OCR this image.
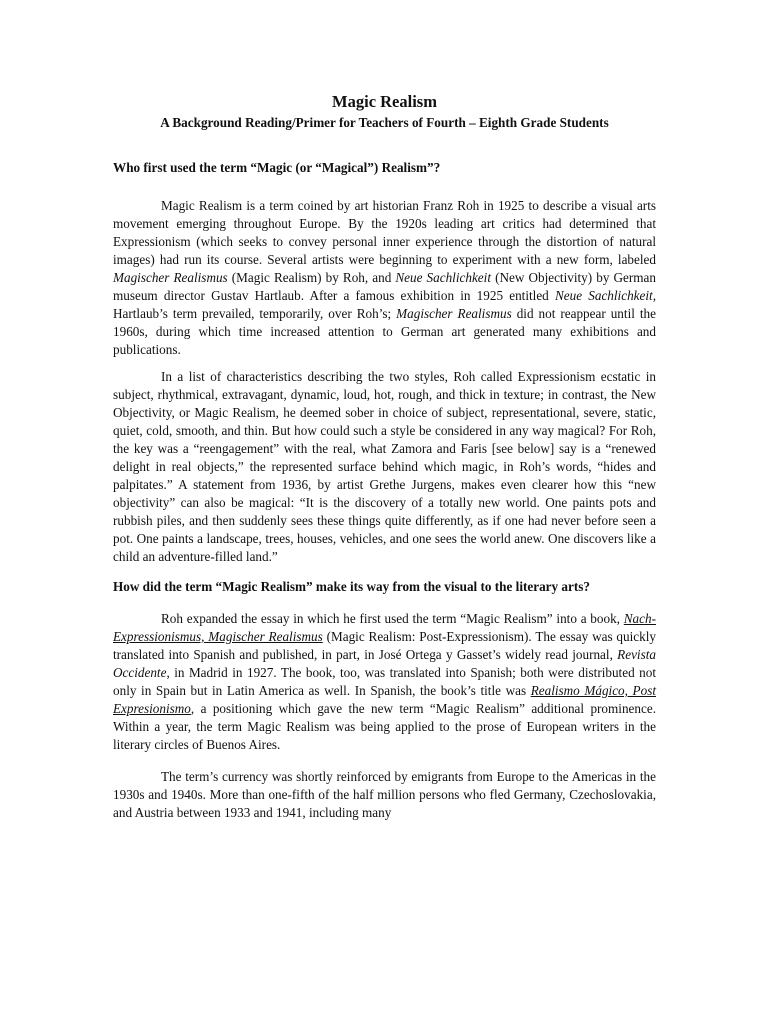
Magic Realism
A Background Reading/Primer for Teachers of Fourth – Eighth Grade Students
Who first used the term “Magic (or “Magical”) Realism”?

Magic Realism is a term coined by art historian Franz Roh in 1925 to describe a visual arts movement emerging throughout Europe. By the 1920s leading art critics had determined that Expressionism (which seeks to convey personal inner experience through the distortion of natural images) had run its course. Several artists were beginning to experiment with a new form, labeled Magischer Realismus (Magic Realism) by Roh, and Neue Sachlichkeit (New Objectivity) by German museum director Gustav Hartlaub. After a famous exhibition in 1925 entitled Neue Sachlichkeit, Hartlaub’s term prevailed, temporarily, over Roh’s; Magischer Realismus did not reappear until the 1960s, during which time increased attention to German art generated many exhibitions and publications.

In a list of characteristics describing the two styles, Roh called Expressionism ecstatic in subject, rhythmical, extravagant, dynamic, loud, hot, rough, and thick in texture; in contrast, the New Objectivity, or Magic Realism, he deemed sober in choice of subject, representational, severe, static, quiet, cold, smooth, and thin. But how could such a style be considered in any way magical? For Roh, the key was a “reengagement” with the real, what Zamora and Faris [see below] say is a “renewed delight in real objects,” the represented surface behind which magic, in Roh’s words, “hides and palpitates.” A statement from 1936, by artist Grethe Jurgens, makes even clearer how this “new objectivity” can also be magical: “It is the discovery of a totally new world. One paints pots and rubbish piles, and then suddenly sees these things quite differently, as if one had never before seen a pot. One paints a landscape, trees, houses, vehicles, and one sees the world anew. One discovers like a child an adventure-filled land.”

How did the term “Magic Realism” make its way from the visual to the literary arts?

Roh expanded the essay in which he first used the term “Magic Realism” into a book, Nach-Expressionismus, Magischer Realismus (Magic Realism: Post-Expressionism). The essay was quickly translated into Spanish and published, in part, in José Ortega y Gasset’s widely read journal, Revista Occidente, in Madrid in 1927. The book, too, was translated into Spanish; both were distributed not only in Spain but in Latin America as well. In Spanish, the book’s title was Realismo Mágico, Post Expresionismo, a positioning which gave the new term “Magic Realism” additional prominence. Within a year, the term Magic Realism was being applied to the prose of European writers in the literary circles of Buenos Aires.

The term’s currency was shortly reinforced by emigrants from Europe to the Americas in the 1930s and 1940s. More than one-fifth of the half million persons who fled Germany, Czechoslovakia, and Austria between 1933 and 1941, including many
